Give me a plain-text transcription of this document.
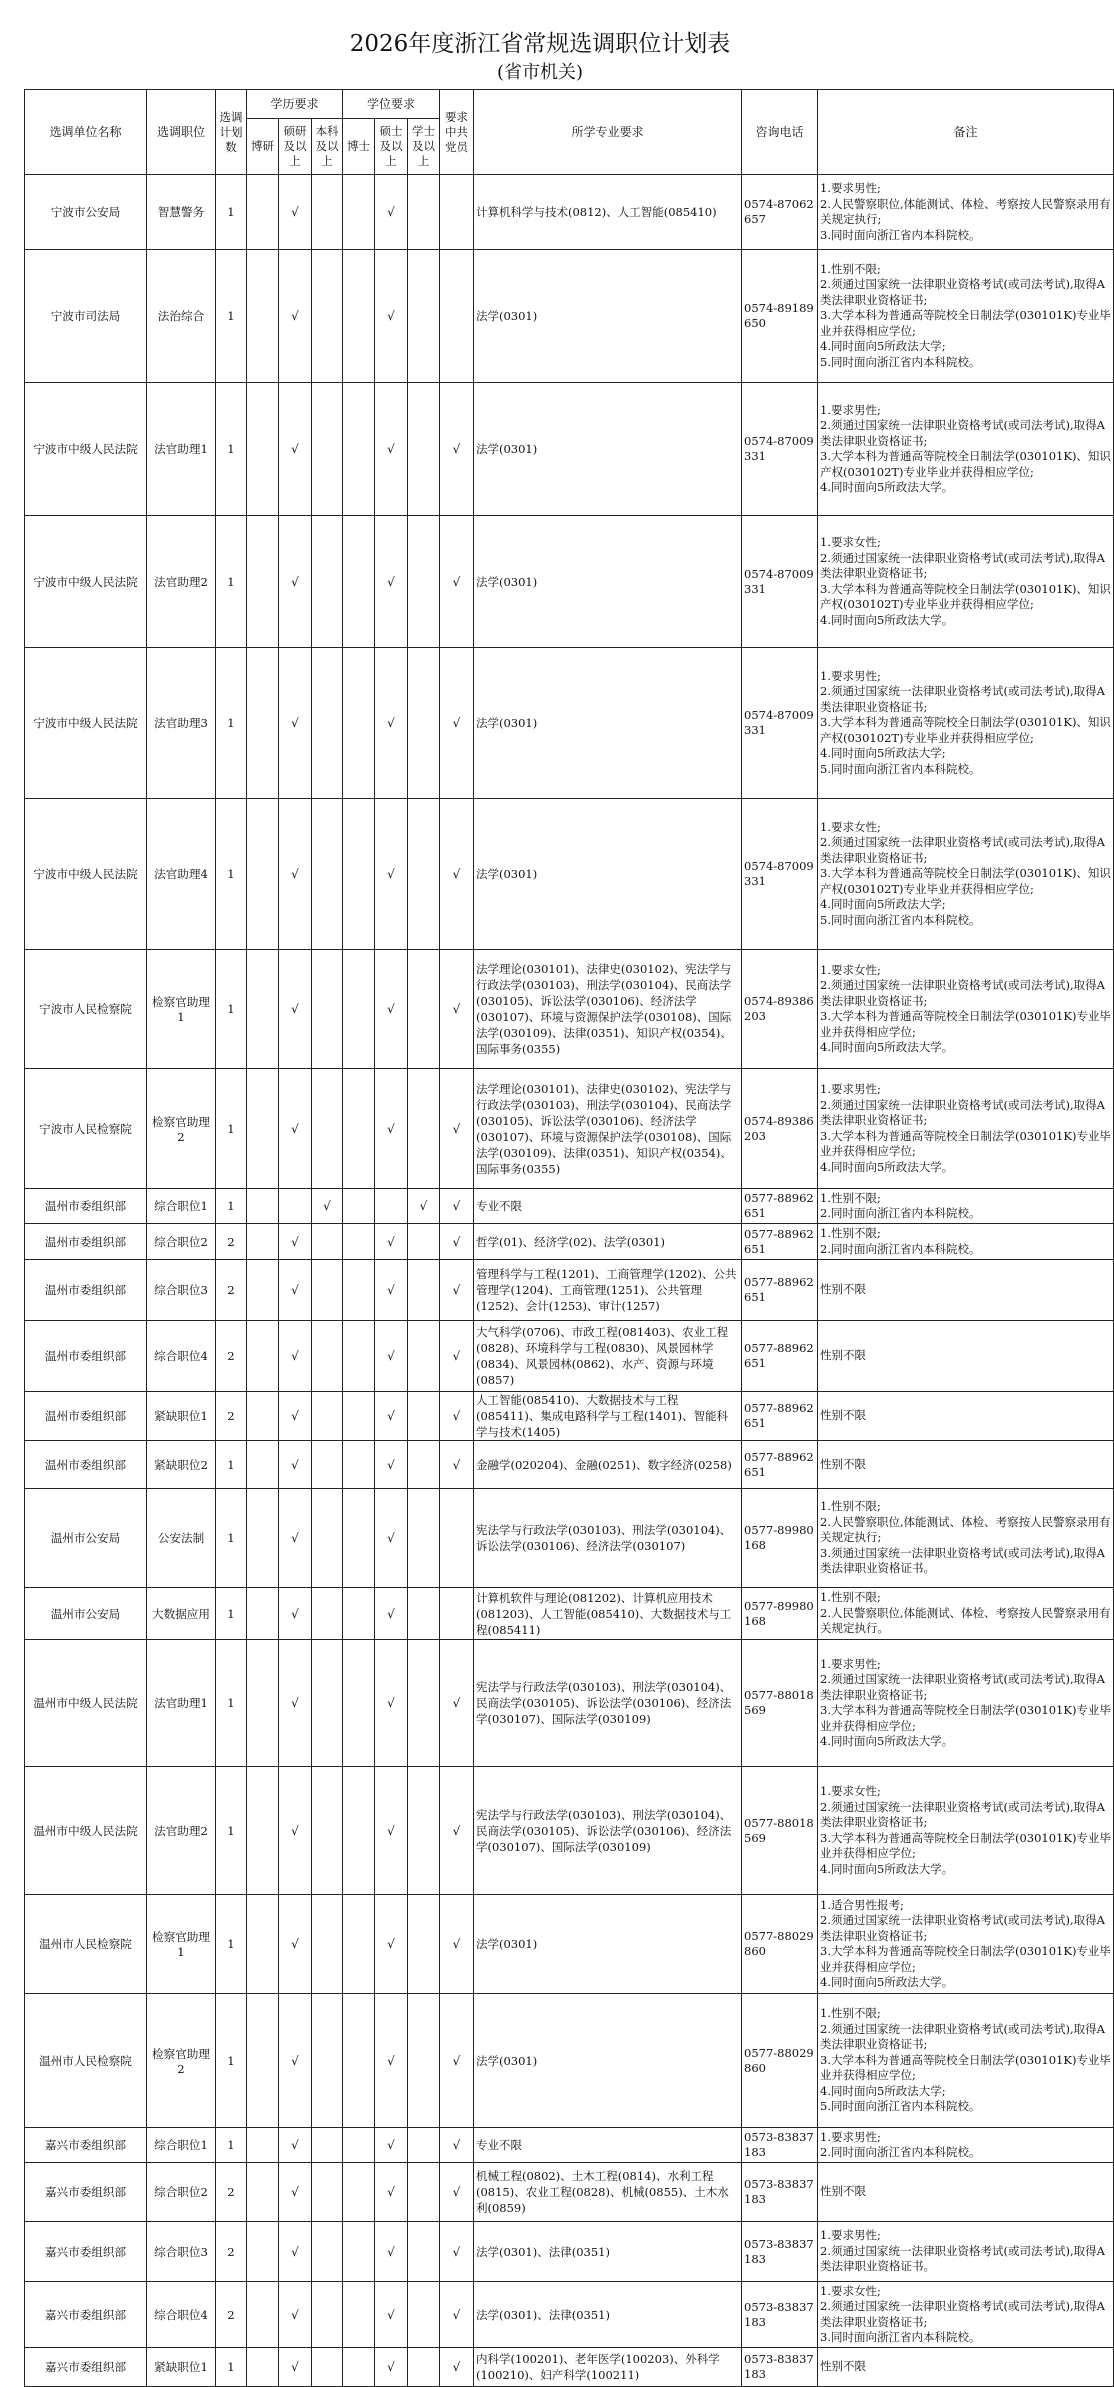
2026年度浙江省常规选调职位计划表
(省市机关)
选调单位名称	选调职位	选调计划数	学历要求			学位要求			要求中共党员	所学专业要求	咨询电话	备注
			博研	硕研及以上	本科及以上	博士	硕士及以上	学士及以上				
宁波市公安局	智慧警务	1		√			√			计算机科学与技术(0812)、人工智能(085410)	0574-87062657	1.要求男性;
2.人民警察职位,体能测试、体检、考察按人民警察录用有关规定执行;
3.同时面向浙江省内本科院校。
宁波市司法局	法治综合	1		√			√			法学(0301)	0574-89189650	1.性别不限;
2.须通过国家统一法律职业资格考试(或司法考试),取得A类法律职业资格证书;
3.大学本科为普通高等院校全日制法学(030101K)专业毕业并获得相应学位;
4.同时面向5所政法大学;
5.同时面向浙江省内本科院校。
宁波市中级人民法院	法官助理1	1		√			√		√	法学(0301)	0574-87009331	1.要求男性;
2.须通过国家统一法律职业资格考试(或司法考试),取得A类法律职业资格证书;
3.大学本科为普通高等院校全日制法学(030101K)、知识产权(030102T)专业毕业并获得相应学位;
4.同时面向5所政法大学。
宁波市中级人民法院	法官助理2	1		√			√		√	法学(0301)	0574-87009331	1.要求女性;
2.须通过国家统一法律职业资格考试(或司法考试),取得A类法律职业资格证书;
3.大学本科为普通高等院校全日制法学(030101K)、知识产权(030102T)专业毕业并获得相应学位;
4.同时面向5所政法大学。
宁波市中级人民法院	法官助理3	1		√			√		√	法学(0301)	0574-87009331	1.要求男性;
2.须通过国家统一法律职业资格考试(或司法考试),取得A类法律职业资格证书;
3.大学本科为普通高等院校全日制法学(030101K)、知识产权(030102T)专业毕业并获得相应学位;
4.同时面向5所政法大学;
5.同时面向浙江省内本科院校。
宁波市中级人民法院	法官助理4	1		√			√		√	法学(0301)	0574-87009331	1.要求女性;
2.须通过国家统一法律职业资格考试(或司法考试),取得A类法律职业资格证书;
3.大学本科为普通高等院校全日制法学(030101K)、知识产权(030102T)专业毕业并获得相应学位;
4.同时面向5所政法大学;
5.同时面向浙江省内本科院校。
宁波市人民检察院	检察官助理1	1		√			√		√	法学理论(030101)、法律史(030102)、宪法学与行政法学(030103)、刑法学(030104)、民商法学(030105)、诉讼法学(030106)、经济法学(030107)、环境与资源保护法学(030108)、国际法学(030109)、法律(0351)、知识产权(0354)、国际事务(0355)	0574-89386203	1.要求女性;
2.须通过国家统一法律职业资格考试(或司法考试),取得A类法律职业资格证书;
3.大学本科为普通高等院校全日制法学(030101K)专业毕业并获得相应学位;
4.同时面向5所政法大学。
宁波市人民检察院	检察官助理2	1		√			√		√	法学理论(030101)、法律史(030102)、宪法学与行政法学(030103)、刑法学(030104)、民商法学(030105)、诉讼法学(030106)、经济法学(030107)、环境与资源保护法学(030108)、国际法学(030109)、法律(0351)、知识产权(0354)、国际事务(0355)	0574-89386203	1.要求男性;
2.须通过国家统一法律职业资格考试(或司法考试),取得A类法律职业资格证书;
3.大学本科为普通高等院校全日制法学(030101K)专业毕业并获得相应学位;
4.同时面向5所政法大学。
温州市委组织部	综合职位1	1			√			√	√	专业不限	0577-88962651	1.性别不限;
2.同时面向浙江省内本科院校。
温州市委组织部	综合职位2	2		√			√		√	哲学(01)、经济学(02)、法学(0301)	0577-88962651	1.性别不限;
2.同时面向浙江省内本科院校。
温州市委组织部	综合职位3	2		√			√		√	管理科学与工程(1201)、工商管理学(1202)、公共管理学(1204)、工商管理(1251)、公共管理(1252)、会计(1253)、审计(1257)	0577-88962651	性别不限
温州市委组织部	综合职位4	2		√			√		√	大气科学(0706)、市政工程(081403)、农业工程(0828)、环境科学与工程(0830)、风景园林学(0834)、风景园林(0862)、水产、资源与环境(0857)	0577-88962651	性别不限
温州市委组织部	紧缺职位1	2		√			√		√	人工智能(085410)、大数据技术与工程(085411)、集成电路科学与工程(1401)、智能科学与技术(1405)	0577-88962651	性别不限
温州市委组织部	紧缺职位2	1		√			√		√	金融学(020204)、金融(0251)、数字经济(0258)	0577-88962651	性别不限
温州市公安局	公安法制	1		√			√			宪法学与行政法学(030103)、刑法学(030104)、诉讼法学(030106)、经济法学(030107)	0577-89980168	1.性别不限;
2.人民警察职位,体能测试、体检、考察按人民警察录用有关规定执行;
3.须通过国家统一法律职业资格考试(或司法考试),取得A类法律职业资格证书。
温州市公安局	大数据应用	1		√			√			计算机软件与理论(081202)、计算机应用技术(081203)、人工智能(085410)、大数据技术与工程(085411)	0577-89980168	1.性别不限;
2.人民警察职位,体能测试、体检、考察按人民警察录用有关规定执行。
温州市中级人民法院	法官助理1	1		√			√		√	宪法学与行政法学(030103)、刑法学(030104)、民商法学(030105)、诉讼法学(030106)、经济法学(030107)、国际法学(030109)	0577-88018569	1.要求男性;
2.须通过国家统一法律职业资格考试(或司法考试),取得A类法律职业资格证书;
3.大学本科为普通高等院校全日制法学(030101K)专业毕业并获得相应学位;
4.同时面向5所政法大学。
温州市中级人民法院	法官助理2	1		√			√		√	宪法学与行政法学(030103)、刑法学(030104)、民商法学(030105)、诉讼法学(030106)、经济法学(030107)、国际法学(030109)	0577-88018569	1.要求女性;
2.须通过国家统一法律职业资格考试(或司法考试),取得A类法律职业资格证书;
3.大学本科为普通高等院校全日制法学(030101K)专业毕业并获得相应学位;
4.同时面向5所政法大学。
温州市人民检察院	检察官助理1	1		√			√		√	法学(0301)	0577-88029860	1.适合男性报考;
2.须通过国家统一法律职业资格考试(或司法考试),取得A类法律职业资格证书;
3.大学本科为普通高等院校全日制法学(030101K)专业毕业并获得相应学位;
4.同时面向5所政法大学。
温州市人民检察院	检察官助理2	1		√			√		√	法学(0301)	0577-88029860	1.性别不限;
2.须通过国家统一法律职业资格考试(或司法考试),取得A类法律职业资格证书;
3.大学本科为普通高等院校全日制法学(030101K)专业毕业并获得相应学位;
4.同时面向5所政法大学;
5.同时面向浙江省内本科院校。
嘉兴市委组织部	综合职位1	1		√			√		√	专业不限	0573-83837183	1.要求男性;
2.同时面向浙江省内本科院校。
嘉兴市委组织部	综合职位2	2		√			√		√	机械工程(0802)、土木工程(0814)、水利工程(0815)、农业工程(0828)、机械(0855)、土木水利(0859)	0573-83837183	性别不限
嘉兴市委组织部	综合职位3	2		√			√		√	法学(0301)、法律(0351)	0573-83837183	1.要求男性;
2.须通过国家统一法律职业资格考试(或司法考试),取得A类法律职业资格证书。
嘉兴市委组织部	综合职位4	2		√			√		√	法学(0301)、法律(0351)	0573-83837183	1.要求女性;
2.须通过国家统一法律职业资格考试(或司法考试),取得A类法律职业资格证书;
3.同时面向浙江省内本科院校。
嘉兴市委组织部	紧缺职位1	1		√			√		√	内科学(100201)、老年医学(100203)、外科学(100210)、妇产科学(100211)	0573-83837183	性别不限
